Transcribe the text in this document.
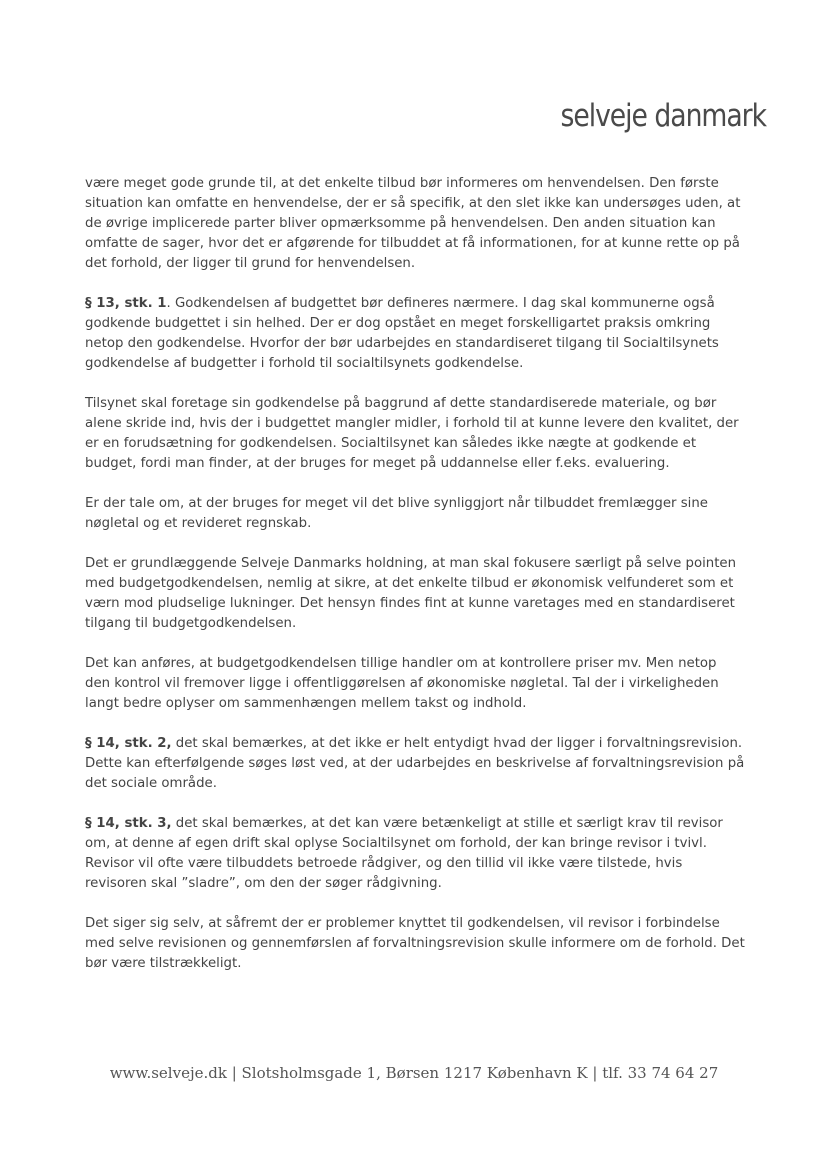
selveje danmark

være meget gode grunde til, at det enkelte tilbud bør informeres om henvendelsen. Den første situation kan omfatte en henvendelse, der er så specifik, at den slet ikke kan undersøges uden, at de øvrige implicerede parter bliver opmærksomme på henvendelsen. Den anden situation kan omfatte de sager, hvor det er afgørende for tilbuddet at få informationen, for at kunne rette op på det forhold, der ligger til grund for henvendelsen.

§ 13, stk. 1. Godkendelsen af budgettet bør defineres nærmere. I dag skal kommunerne også godkende budgettet i sin helhed. Der er dog opstået en meget forskelligartet praksis omkring netop den godkendelse. Hvorfor der bør udarbejdes en standardiseret tilgang til Socialtilsynets godkendelse af budgetter i forhold til socialtilsynets godkendelse.

Tilsynet skal foretage sin godkendelse på baggrund af dette standardiserede materiale, og bør alene skride ind, hvis der i budgettet mangler midler, i forhold til at kunne levere den kvalitet, der er en forudsætning for godkendelsen. Socialtilsynet kan således ikke nægte at godkende et budget, fordi man finder, at der bruges for meget på uddannelse eller f.eks. evaluering.

Er der tale om, at der bruges for meget vil det blive synliggjort når tilbuddet fremlægger sine nøgletal og et revideret regnskab.

Det er grundlæggende Selveje Danmarks holdning, at man skal fokusere særligt på selve pointen med budgetgodkendelsen, nemlig at sikre, at det enkelte tilbud er økonomisk velfunderet som et værn mod pludselige lukninger. Det hensyn findes fint at kunne varetages med en standardiseret tilgang til budgetgodkendelsen.

Det kan anføres, at budgetgodkendelsen tillige handler om at kontrollere priser mv. Men netop den kontrol vil fremover ligge i offentliggørelsen af økonomiske nøgletal. Tal der i virkeligheden langt bedre oplyser om sammenhængen mellem takst og indhold.

§ 14, stk. 2, det skal bemærkes, at det ikke er helt entydigt hvad der ligger i forvaltningsrevision. Dette kan efterfølgende søges løst ved, at der udarbejdes en beskrivelse af forvaltningsrevision på det sociale område.

§ 14, stk. 3, det skal bemærkes, at det kan være betænkeligt at stille et særligt krav til revisor om, at denne af egen drift skal oplyse Socialtilsynet om forhold, der kan bringe revisor i tvivl. Revisor vil ofte være tilbuddets betroede rådgiver, og den tillid vil ikke være tilstede, hvis revisoren skal ”sladre”, om den der søger rådgivning.

Det siger sig selv, at såfremt der er problemer knyttet til godkendelsen, vil revisor i forbindelse med selve revisionen og gennemførslen af forvaltningsrevision skulle informere om de forhold. Det bør være tilstrækkeligt.

www.selveje.dk | Slotsholmsgade 1, Børsen 1217 København K | tlf. 33 74 64 27
